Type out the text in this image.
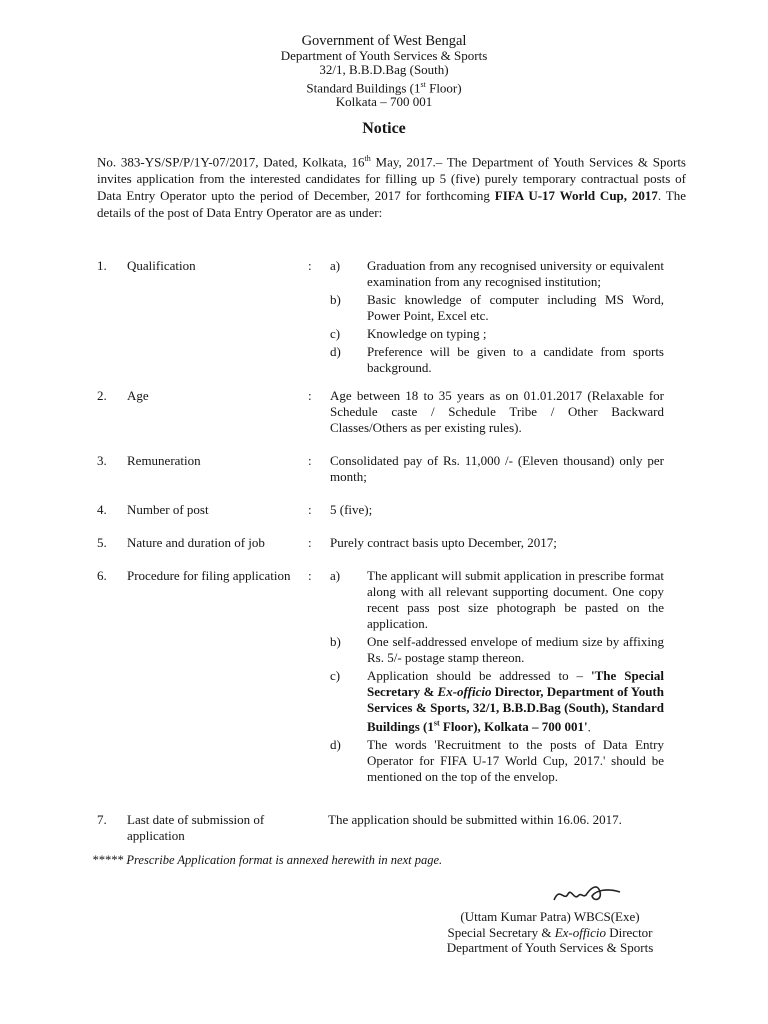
Government of West Bengal
Department of Youth Services & Sports
32/1, B.B.D.Bag (South)
Standard Buildings (1st Floor)
Kolkata – 700 001
Notice
No. 383-YS/SP/P/1Y-07/2017, Dated, Kolkata, 16th May, 2017.– The Department of Youth Services & Sports invites application from the interested candidates for filling up 5 (five) purely temporary contractual posts of Data Entry Operator upto the period of December, 2017 for forthcoming FIFA U-17 World Cup, 2017. The details of the post of Data Entry Operator are as under:
1. Qualification	: a) Graduation from any recognised university or equivalent examination from any recognised institution;
b) Basic knowledge of computer including MS Word, Power Point, Excel etc.
c) Knowledge on typing ;
d) Preference will be given to a candidate from sports background.
2. Age	: Age between 18 to 35 years as on 01.01.2017 (Relaxable for Schedule caste / Schedule Tribe / Other Backward Classes/Others as per existing rules).
3. Remuneration	: Consolidated pay of Rs. 11,000 /- (Eleven thousand) only per month;
4. Number of post	: 5 (five);
5. Nature and duration of job	: Purely contract basis upto December, 2017;
6. Procedure for filing application : a) The applicant will submit application in prescribe format along with all relevant supporting document. One copy recent pass post size photograph be pasted on the application.
b) One self-addressed envelope of medium size by affixing Rs. 5/- postage stamp thereon.
c) Application should be addressed to – 'The Special Secretary & Ex-officio Director, Department of Youth Services & Sports, 32/1, B.B.D.Bag (South), Standard Buildings (1st Floor), Kolkata – 700 001'.
d) The words 'Recruitment to the posts of Data Entry Operator for FIFA U-17 World Cup, 2017.' should be mentioned on the top of the envelop.
7. Last date of submission of application
The application should be submitted within 16.06. 2017.
***** Prescribe Application format is annexed herewith in next page.
(Uttam Kumar Patra) WBCS(Exe)
Special Secretary & Ex-officio Director
Department of Youth Services & Sports
